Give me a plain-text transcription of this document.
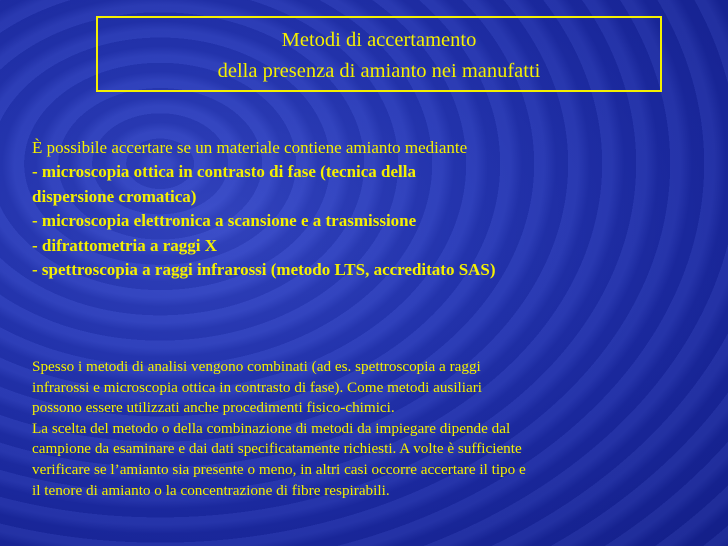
Metodi di accertamento
della presenza di amianto nei manufatti
È possibile accertare se un materiale contiene amianto mediante
- microscopia ottica in contrasto di fase (tecnica della
dispersione cromatica)
- microscopia elettronica a scansione e a trasmissione
- difrattometria a raggi X
- spettroscopia a raggi infrarossi (metodo LTS, accreditato SAS)
Spesso i metodi di analisi vengono combinati (ad es. spettroscopia a raggi
infrarossi e microscopia ottica in contrasto di fase). Come metodi ausiliari
possono essere utilizzati anche procedimenti fisico-chimici.
La scelta del metodo o della combinazione di metodi da impiegare dipende dal
campione da esaminare e dai dati specificatamente richiesti. A volte è sufficiente
verificare se l’amianto sia presente o meno, in altri casi occorre accertare il tipo e
il tenore di amianto o la concentrazione di fibre respirabili.
